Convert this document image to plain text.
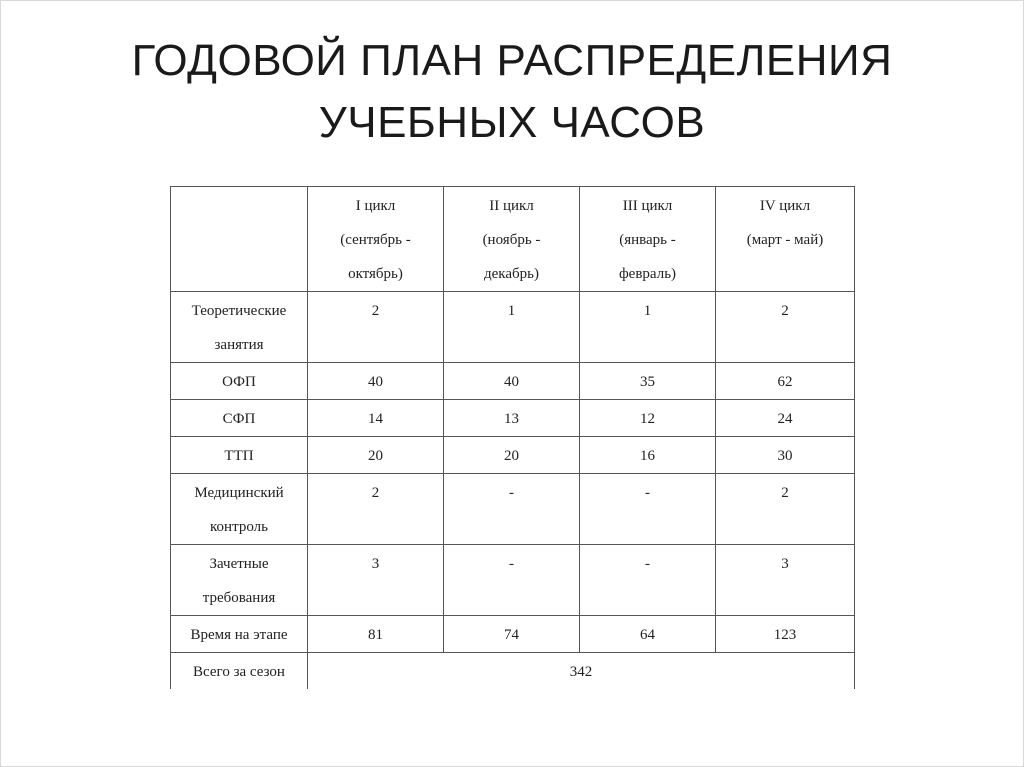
ГОДОВОЙ ПЛАН РАСПРЕДЕЛЕНИЯ
УЧЕБНЫХ ЧАСОВ

	I цикл
(сентябрь -
октябрь)	II цикл
(ноябрь -
декабрь)	III цикл
(январь -
февраль)	IV цикл
(март - май)

Теоретические
занятия	2	1	1	2
ОФП	40	40	35	62
СФП	14	13	12	24
ТТП	20	20	16	30

Медицинский
контроль	2	-	-	2

Зачетные
требования	3	-	-	3
Время на этапе	81	74	64	123
Всего за сезон	342			
